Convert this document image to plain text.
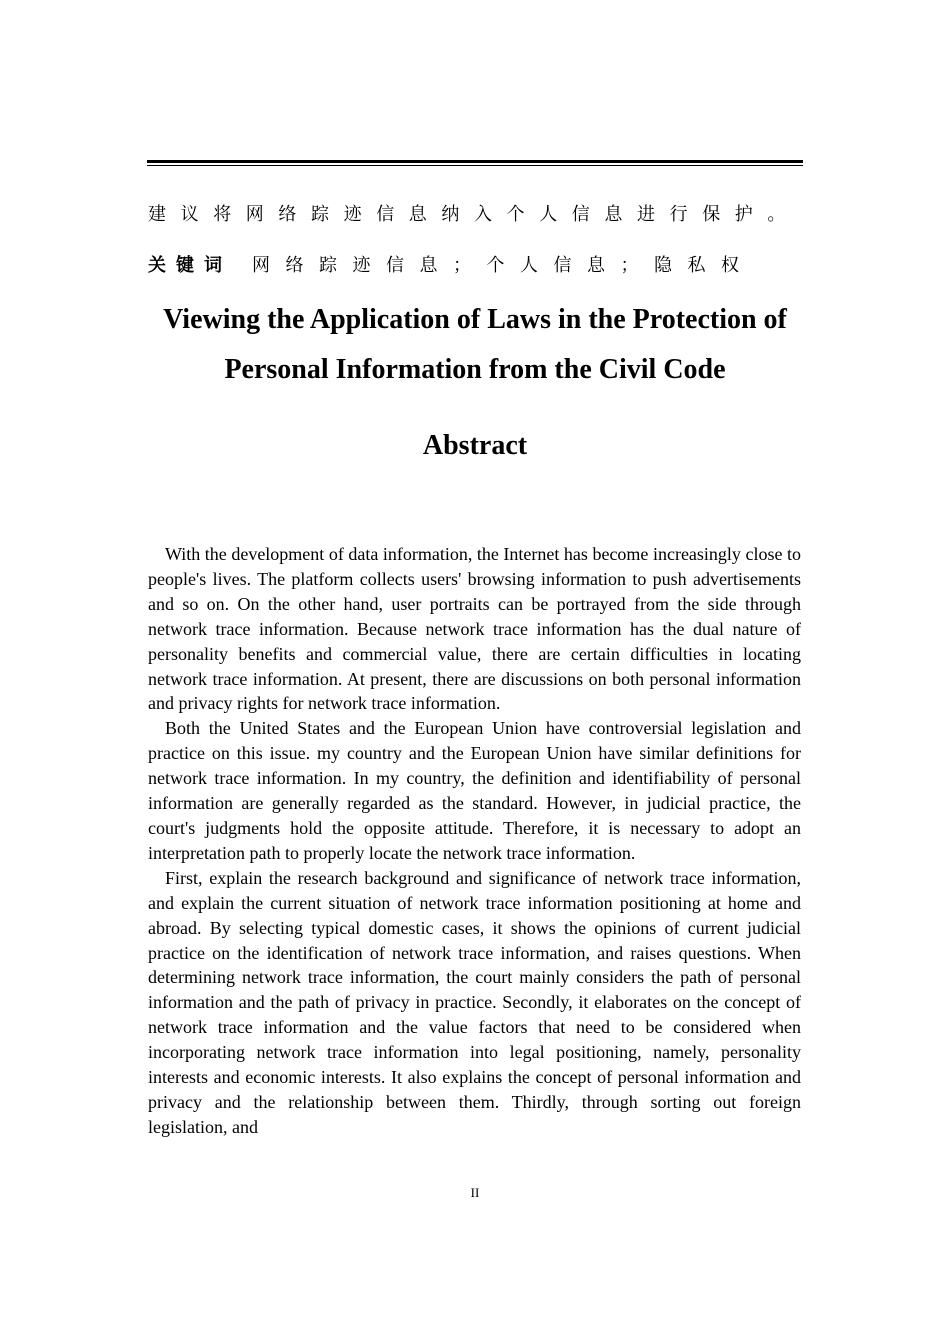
建议将网络踪迹信息纳入个人信息进行保护。
关键词 网络踪迹信息；个人信息；隐私权
Viewing the Application of Laws in the Protection of
Personal Information from the Civil Code
Abstract

With the development of data information, the Internet has become increasingly close to people's lives. The platform collects users' browsing information to push advertisements and so on. On the other hand, user portraits can be portrayed from the side through network trace information. Because network trace information has the dual nature of personality benefits and commercial value, there are certain difficulties in locating network trace information. At present, there are discussions on both personal information and privacy rights for network trace information.

Both the United States and the European Union have controversial legislation and practice on this issue. my country and the European Union have similar definitions for network trace information. In my country, the definition and identifiability of personal information are generally regarded as the standard. However, in judicial practice, the court's judgments hold the opposite attitude. Therefore, it is necessary to adopt an interpretation path to properly locate the network trace information.

First, explain the research background and significance of network trace information, and explain the current situation of network trace information positioning at home and abroad. By selecting typical domestic cases, it shows the opinions of current judicial practice on the identification of network trace information, and raises questions. When determining network trace information, the court mainly considers the path of personal information and the path of privacy in practice. Secondly, it elaborates on the concept of network trace information and the value factors that need to be considered when incorporating network trace information into legal positioning, namely, personality interests and economic interests. It also explains the concept of personal information and privacy and the relationship between them. Thirdly, through sorting out foreign legislation, and

II
